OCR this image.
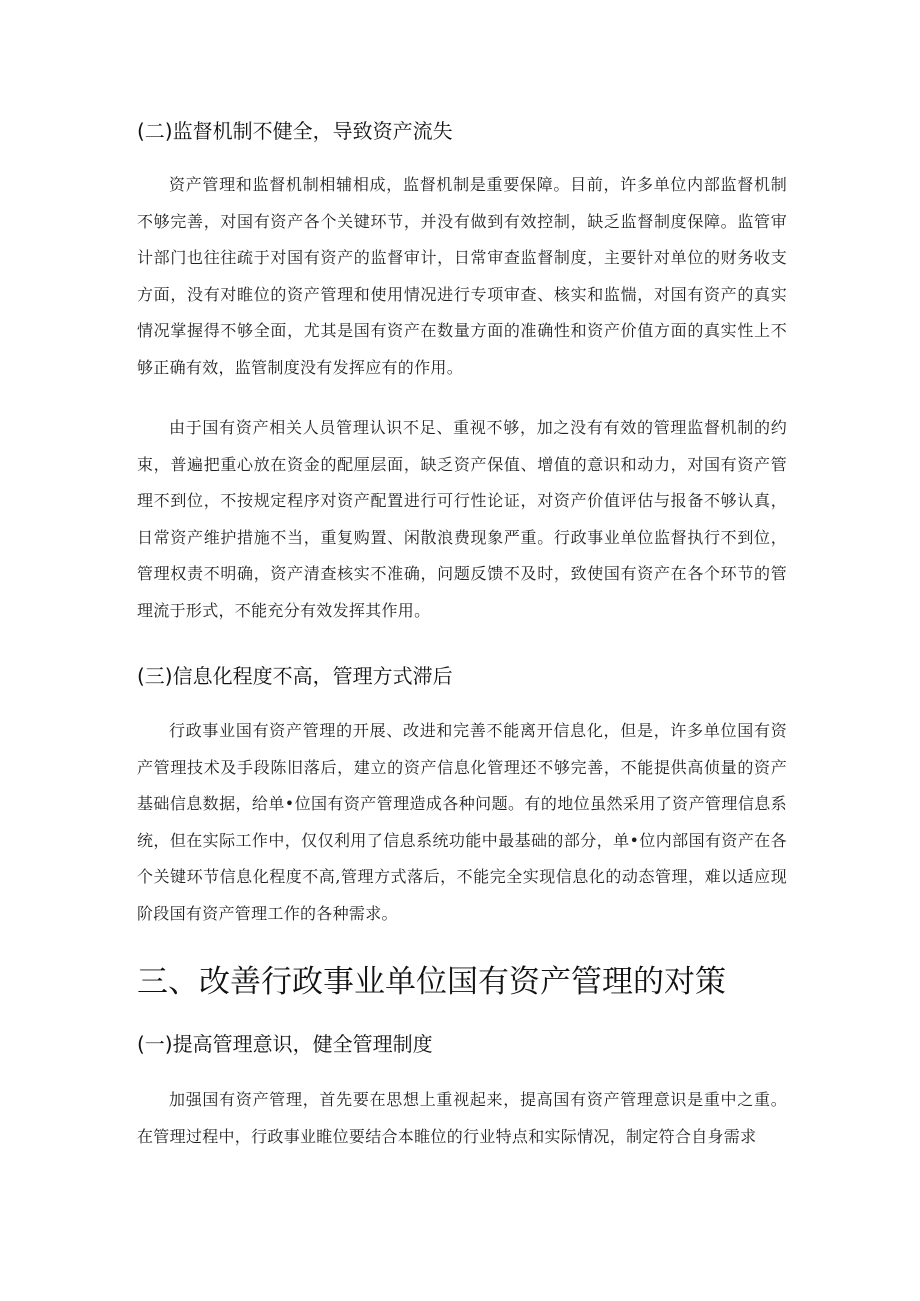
(二)监督机制不健全，导致资产流失
资产管理和监督机制相辅相成，监督机制是重要保障。目前，许多单位内部监督机制不够完善，对国有资产各个关键环节，并没有做到有效控制，缺乏监督制度保障。监管审计部门也往往疏于对国有资产的监督审计，日常审查监督制度，主要针对单位的财务收支方面，没有对睢位的资产管理和使用情况进行专项审查、核实和监惴，对国有资产的真实情况掌握得不够全面，尤其是国有资产在数量方面的准确性和资产价值方面的真实性上不够正确有效，监管制度没有发挥应有的作用。
由于国有资产相关人员管理认识不足、重视不够，加之没有有效的管理监督机制的约束，普遍把重心放在资金的配厘层面，缺乏资产保值、增值的意识和动力，对国有资产管理不到位，不按规定程序对资产配置进行可行性论证，对资产价值评估与报备不够认真，日常资产维护措施不当，重复购置、闲散浪费现象严重。行政事业单位监督执行不到位，管理权责不明确，资产清查核实不准确，问题反馈不及时，致使国有资产在各个环节的管理流于形式，不能充分有效发挥其作用。
(三)信息化程度不高，管理方式滞后
行政事业国有资产管理的开展、改进和完善不能离开信息化，但是，许多单位国有资产管理技术及手段陈旧落后，建立的资产信息化管理还不够完善，不能提供高侦量的资产基础信息数据，给单•位国有资产管理造成各种问题。有的地位虽然采用了资产管理信息系统，但在实际工作中，仅仅利用了信息系统功能中最基础的部分，单•位内部国有资产在各个关键环节信息化程度不高,管理方式落后，不能完全实现信息化的动态管理，难以适应现阶段国有资产管理工作的各种需求。
三、改善行政事业单位国有资产管理的对策
(一)提高管理意识，健全管理制度
加强国有资产管理，首先要在思想上重视起来，提高国有资产管理意识是重中之重。在管理过程中，行政事业睢位要结合本睢位的行业特点和实际情况，制定符合自身需求
